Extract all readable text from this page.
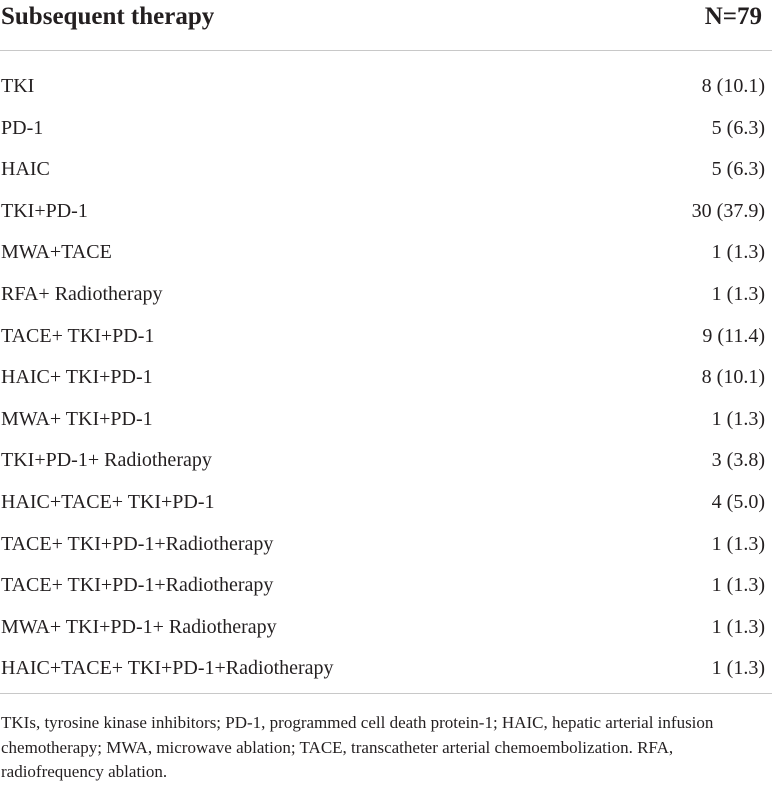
Subsequent therapy	N=79
TKI	8 (10.1)
PD-1	5 (6.3)
HAIC	5 (6.3)
TKI+PD-1	30 (37.9)
MWA+TACE	1 (1.3)
RFA+ Radiotherapy	1 (1.3)
TACE+ TKI+PD-1	9 (11.4)
HAIC+ TKI+PD-1	8 (10.1)
MWA+ TKI+PD-1	1 (1.3)
TKI+PD-1+ Radiotherapy	3 (3.8)
HAIC+TACE+ TKI+PD-1	4 (5.0)
TACE+ TKI+PD-1+Radiotherapy	1 (1.3)
TACE+ TKI+PD-1+Radiotherapy	1 (1.3)
MWA+ TKI+PD-1+ Radiotherapy	1 (1.3)
HAIC+TACE+ TKI+PD-1+Radiotherapy	1 (1.3)
TKIs, tyrosine kinase inhibitors; PD-1, programmed cell death protein-1; HAIC, hepatic arterial infusion chemotherapy; MWA, microwave ablation; TACE, transcatheter arterial chemoembolization. RFA, radiofrequency ablation.
